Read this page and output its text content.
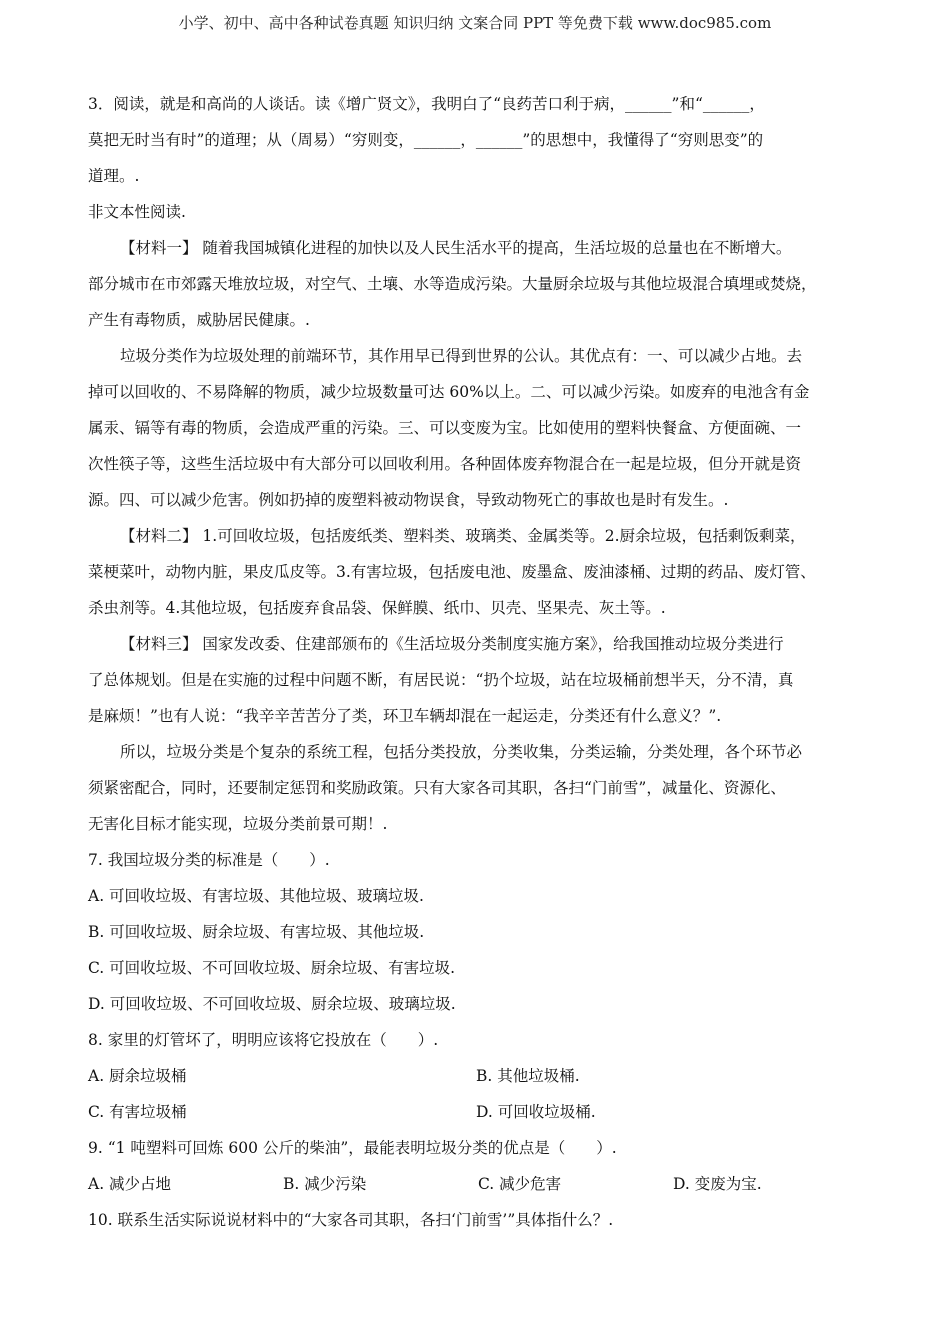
小学、初中、高中各种试卷真题 知识归纳 文案合同 PPT 等免费下载 www.doc985.com
3．阅读，就是和高尚的人谈话。读《增广贤文》，我明白了“良药苦口利于病，______”和“______，
莫把无时当有时”的道理；从（周易）“穷则变，______，______”的思想中，我懂得了“穷则思变”的
道理。.
非文本性阅读.
【材料一】 随着我国城镇化进程的加快以及人民生活水平的提高，生活垃圾的总量也在不断增大。
部分城市在市郊露天堆放垃圾，对空气、土壤、水等造成污染。大量厨余垃圾与其他垃圾混合填埋或焚烧，
产生有毒物质，威胁居民健康。.
垃圾分类作为垃圾处理的前端环节，其作用早已得到世界的公认。其优点有：一、可以减少占地。去
掉可以回收的、不易降解的物质，减少垃圾数量可达 60%以上。二、可以减少污染。如废弃的电池含有金
属汞、镉等有毒的物质，会造成严重的污染。三、可以变废为宝。比如使用的塑料快餐盒、方便面碗、一
次性筷子等，这些生活垃圾中有大部分可以回收利用。各种固体废弃物混合在一起是垃圾，但分开就是资
源。四、可以减少危害。例如扔掉的废塑料被动物误食，导致动物死亡的事故也是时有发生。.
【材料二】 1.可回收垃圾，包括废纸类、塑料类、玻璃类、金属类等。2.厨余垃圾，包括剩饭剩菜，
菜梗菜叶，动物内脏，果皮瓜皮等。3.有害垃圾，包括废电池、废墨盒、废油漆桶、过期的药品、废灯管、
杀虫剂等。4.其他垃圾，包括废弃食品袋、保鲜膜、纸巾、贝壳、坚果壳、灰土等。.
【材料三】 国家发改委、住建部颁布的《生活垃圾分类制度实施方案》，给我国推动垃圾分类进行
了总体规划。但是在实施的过程中问题不断，有居民说：“扔个垃圾，站在垃圾桶前想半天，分不清，真
是麻烦！”也有人说：“我辛辛苦苦分了类，环卫车辆却混在一起运走，分类还有什么意义？”.
所以，垃圾分类是个复杂的系统工程，包括分类投放，分类收集，分类运输，分类处理，各个环节必
须紧密配合，同时，还要制定惩罚和奖励政策。只有大家各司其职，各扫“门前雪”，减量化、资源化、
无害化目标才能实现，垃圾分类前景可期！.
7. 我国垃圾分类的标准是（　　）.
A. 可回收垃圾、有害垃圾、其他垃圾、玻璃垃圾.
B. 可回收垃圾、厨余垃圾、有害垃圾、其他垃圾.
C. 可回收垃圾、不可回收垃圾、厨余垃圾、有害垃圾.
D. 可回收垃圾、不可回收垃圾、厨余垃圾、玻璃垃圾.
8. 家里的灯管坏了，明明应该将它投放在（　　）.
A. 厨余垃圾桶	B. 其他垃圾桶.
C. 有害垃圾桶	D. 可回收垃圾桶.
9. “1 吨塑料可回炼 600 公斤的柴油”，最能表明垃圾分类的优点是（　　）.
A. 减少占地	B. 减少污染	C. 减少危害	D. 变废为宝.
10. 联系生活实际说说材料中的“大家各司其职，各扫‘门前雪’”具体指什么？.
